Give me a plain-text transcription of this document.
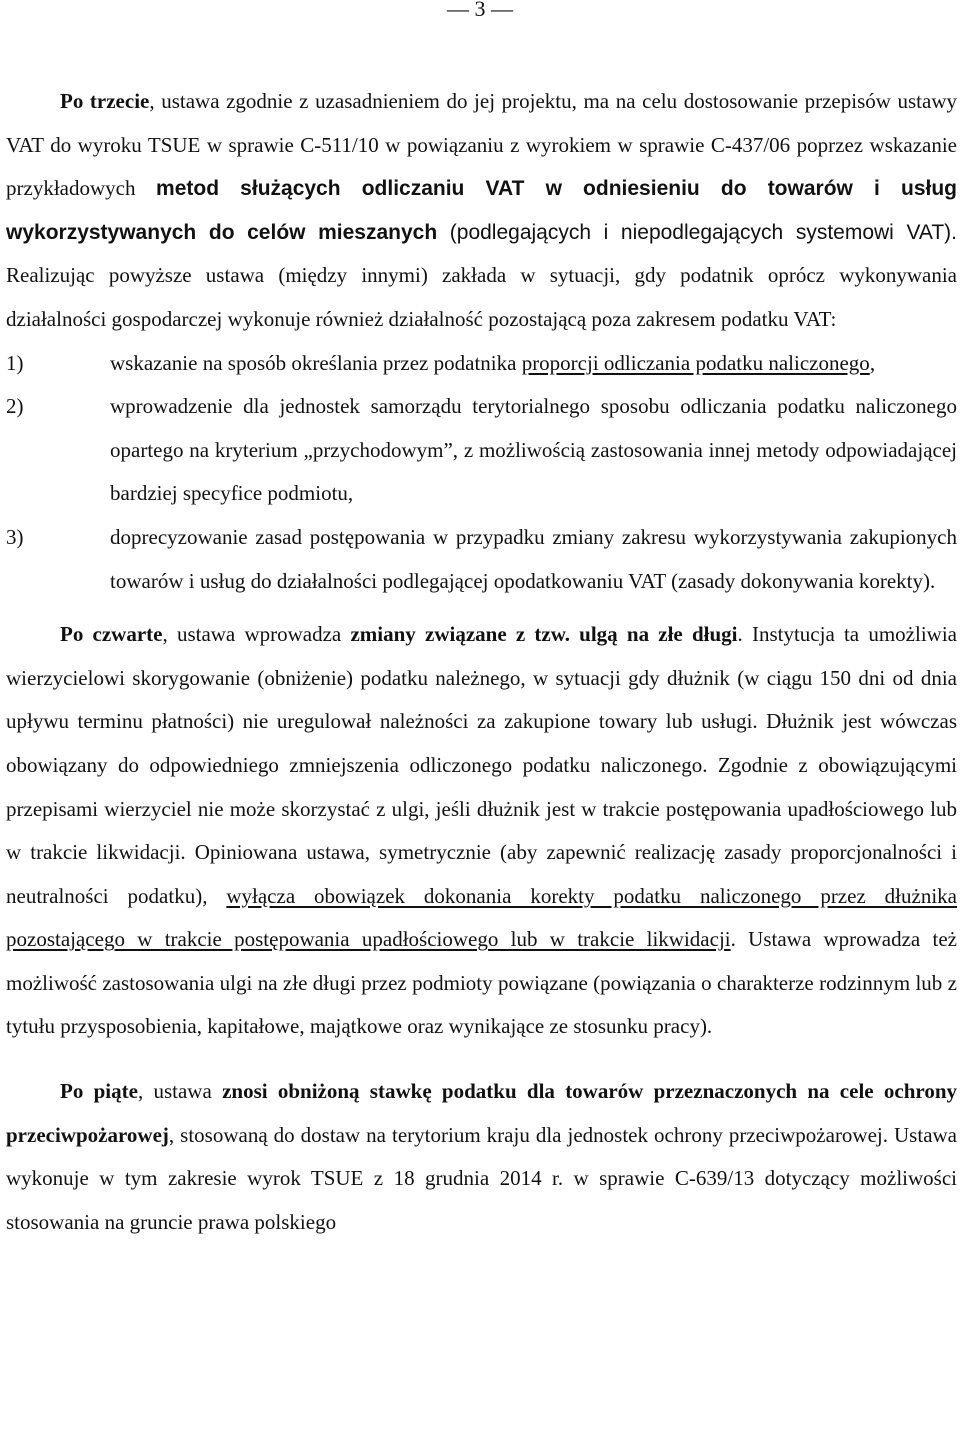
— 3 —

Po trzecie, ustawa zgodnie z uzasadnieniem do jej projektu, ma na celu dostosowanie przepisów ustawy VAT do wyroku TSUE w sprawie C-511/10 w powiązaniu z wyrokiem w sprawie C-437/06 poprzez wskazanie przykładowych metod służących odliczaniu VAT w odniesieniu do towarów i usług wykorzystywanych do celów mieszanych (podlegających i niepodlegających systemowi VAT). Realizując powyższe ustawa (między innymi) zakłada w sytuacji, gdy podatnik oprócz wykonywania działalności gospodarczej wykonuje również działalność pozostającą poza zakresem podatku VAT:

1)	wskazanie na sposób określania przez podatnika proporcji odliczania podatku naliczonego,
2)	wprowadzenie dla jednostek samorządu terytorialnego sposobu odliczania podatku naliczonego opartego na kryterium „przychodowym”, z możliwością zastosowania innej metody odpowiadającej bardziej specyfice podmiotu,
3)	doprecyzowanie zasad postępowania w przypadku zmiany zakresu wykorzystywania zakupionych towarów i usług do działalności podlegającej opodatkowaniu VAT (zasady dokonywania korekty).

Po czwarte, ustawa wprowadza zmiany związane z tzw. ulgą na złe długi. Instytucja ta umożliwia wierzycielowi skorygowanie (obniżenie) podatku należnego, w sytuacji gdy dłużnik (w ciągu 150 dni od dnia upływu terminu płatności) nie uregulował należności za zakupione towary lub usługi. Dłużnik jest wówczas obowiązany do odpowiedniego zmniejszenia odliczonego podatku naliczonego. Zgodnie z obowiązującymi przepisami wierzyciel nie może skorzystać z ulgi, jeśli dłużnik jest w trakcie postępowania upadłościowego lub w trakcie likwidacji. Opiniowana ustawa, symetrycznie (aby zapewnić realizację zasady proporcjonalności i neutralności podatku), wyłącza obowiązek dokonania korekty podatku naliczonego przez dłużnika pozostającego w trakcie postępowania upadłościowego lub w trakcie likwidacji. Ustawa wprowadza też możliwość zastosowania ulgi na złe długi przez podmioty powiązane (powiązania o charakterze rodzinnym lub z tytułu przysposobienia, kapitałowe, majątkowe oraz wynikające ze stosunku pracy).

Po piąte, ustawa znosi obniżoną stawkę podatku dla towarów przeznaczonych na cele ochrony przeciwpożarowej, stosowaną do dostaw na terytorium kraju dla jednostek ochrony przeciwpożarowej. Ustawa wykonuje w tym zakresie wyrok TSUE z 18 grudnia 2014 r. w sprawie C-639/13 dotyczący możliwości stosowania na gruncie prawa polskiego
